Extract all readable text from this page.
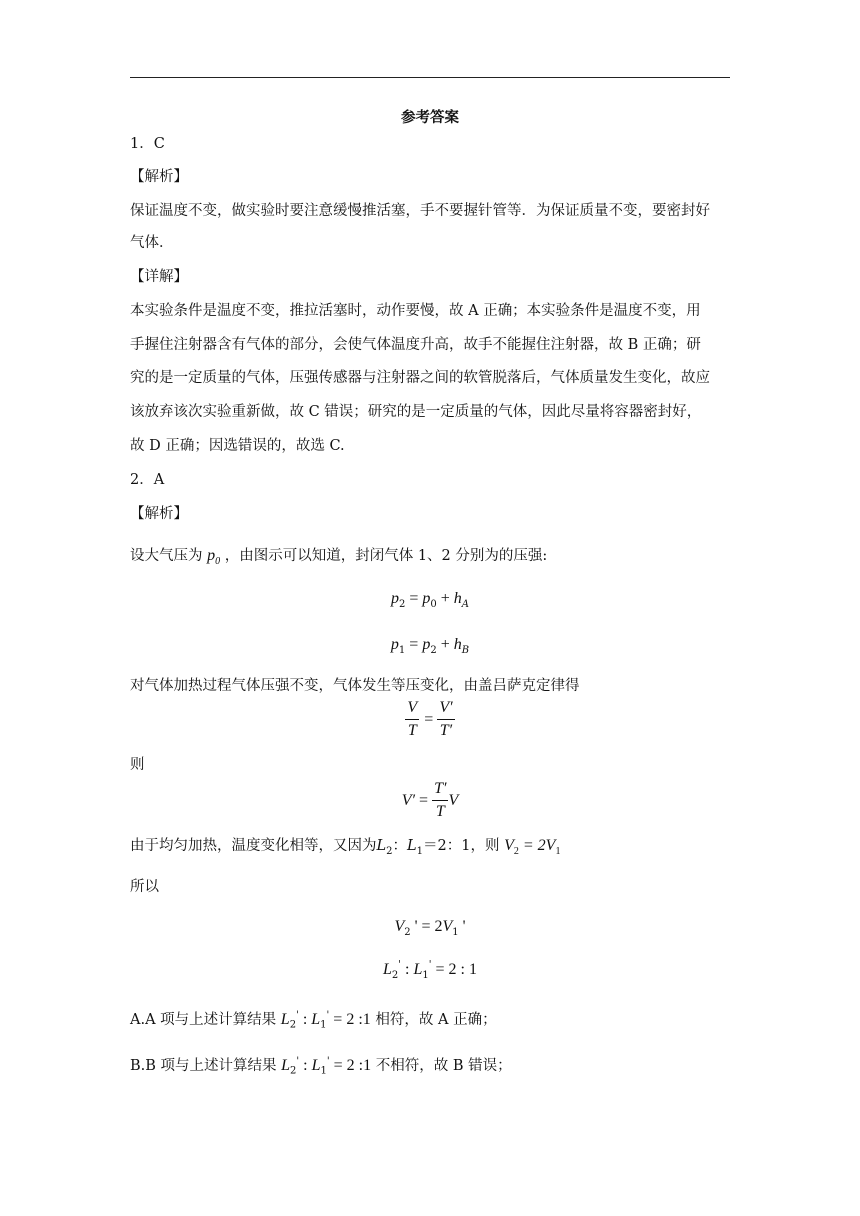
参考答案
1．C
【解析】
保证温度不变，做实验时要注意缓慢推活塞，手不要握针管等．为保证质量不变，要密封好
气体．
【详解】
本实验条件是温度不变，推拉活塞时，动作要慢，故 A 正确；本实验条件是温度不变，用
手握住注射器含有气体的部分，会使气体温度升高，故手不能握住注射器，故 B 正确；研
究的是一定质量的气体，压强传感器与注射器之间的软管脱落后，气体质量发生变化，故应
该放弃该次实验重新做，故 C 错误；研究的是一定质量的气体，因此尽量将容器密封好，
故 D 正确；因选错误的，故选 C.
2．A
【解析】
设大气压为 $p_0$ ，由图示可以知道，封闭气体 1、2 分别为的压强:
$p_2 = p_0 + h_A$
$p_1 = p_2 + h_B$
对气体加热过程气体压强不变，气体发生等压变化，由盖吕萨克定律得
$\frac{V}{T} = \frac{V'}{T'}$
则
$V' = \frac{T'}{T}$ V
由于均匀加热，温度变化相等，又因为$L_2$：$L_1=2$：1，则 $V_2 = 2V_1$
所以
$V_2$ ' = $2V_1$ '
$L_2'$ : $L_1' = 2$ : 1
A.A 项与上述计算结果 $L_2'$ : $L_1' = 2$ :1 相符，故 A 正确；
B.B 项与上述计算结果 $L_2'$ : $L_1' = 2$ :1 不相符，故 B 错误；
